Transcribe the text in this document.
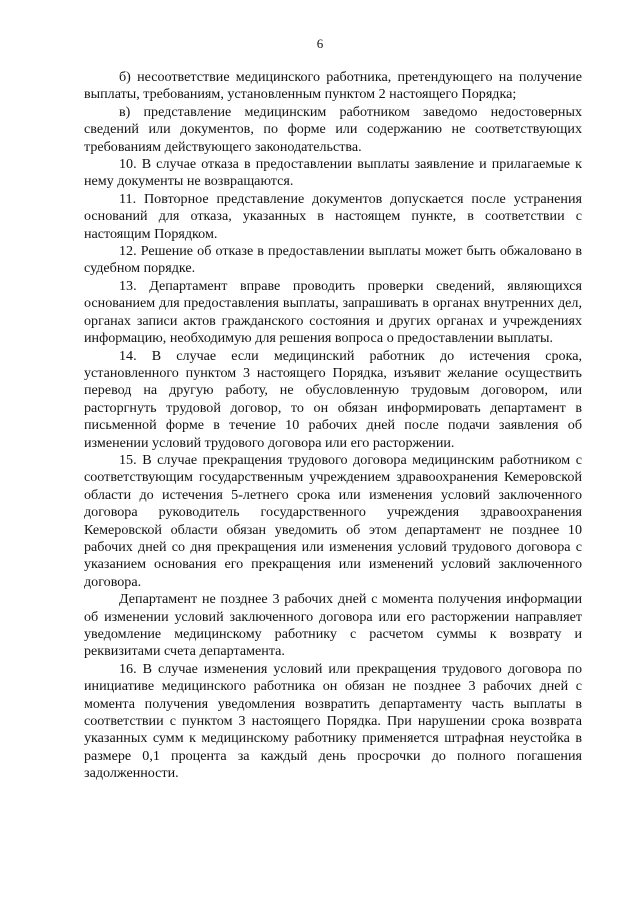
6

б) несоответствие медицинского работника, претендующего на получение выплаты, требованиям, установленным пунктом 2 настоящего Порядка;

в) представление медицинским работником заведомо недостоверных сведений или документов, по форме или содержанию не соответствующих требованиям действующего законодательства.

10. В случае отказа в предоставлении выплаты заявление и прилагаемые к нему документы не возвращаются.

11. Повторное представление документов допускается после устранения оснований для отказа, указанных в настоящем пункте, в соответствии с настоящим Порядком.

12. Решение об отказе в предоставлении выплаты может быть обжаловано в судебном порядке.

13. Департамент вправе проводить проверки сведений, являющихся основанием для предоставления выплаты, запрашивать в органах внутренних дел, органах записи актов гражданского состояния и других органах и учреждениях информацию, необходимую для решения вопроса о предоставлении выплаты.

14. В случае если медицинский работник до истечения срока, установленного пунктом 3 настоящего Порядка, изъявит желание осуществить перевод на другую работу, не обусловленную трудовым договором, или расторгнуть трудовой договор, то он обязан информировать департамент в письменной форме в течение 10 рабочих дней после подачи заявления об изменении условий трудового договора или его расторжении.

15. В случае прекращения трудового договора медицинским работником с соответствующим государственным учреждением здравоохранения Кемеровской области до истечения 5-летнего срока или изменения условий заключенного договора руководитель государственного учреждения здравоохранения Кемеровской области обязан уведомить об этом департамент не позднее 10 рабочих дней со дня прекращения или изменения условий трудового договора с указанием основания его прекращения или изменений условий заключенного договора.

Департамент не позднее 3 рабочих дней с момента получения информации об изменении условий заключенного договора или его расторжении направляет уведомление медицинскому работнику с расчетом суммы к возврату и реквизитами счета департамента.

16. В случае изменения условий или прекращения трудового договора по инициативе медицинского работника он обязан не позднее 3 рабочих дней с момента получения уведомления возвратить департаменту часть выплаты в соответствии с пунктом 3 настоящего Порядка. При нарушении срока возврата указанных сумм к медицинскому работнику применяется штрафная неустойка в размере 0,1 процента за каждый день просрочки до полного погашения задолженности.
